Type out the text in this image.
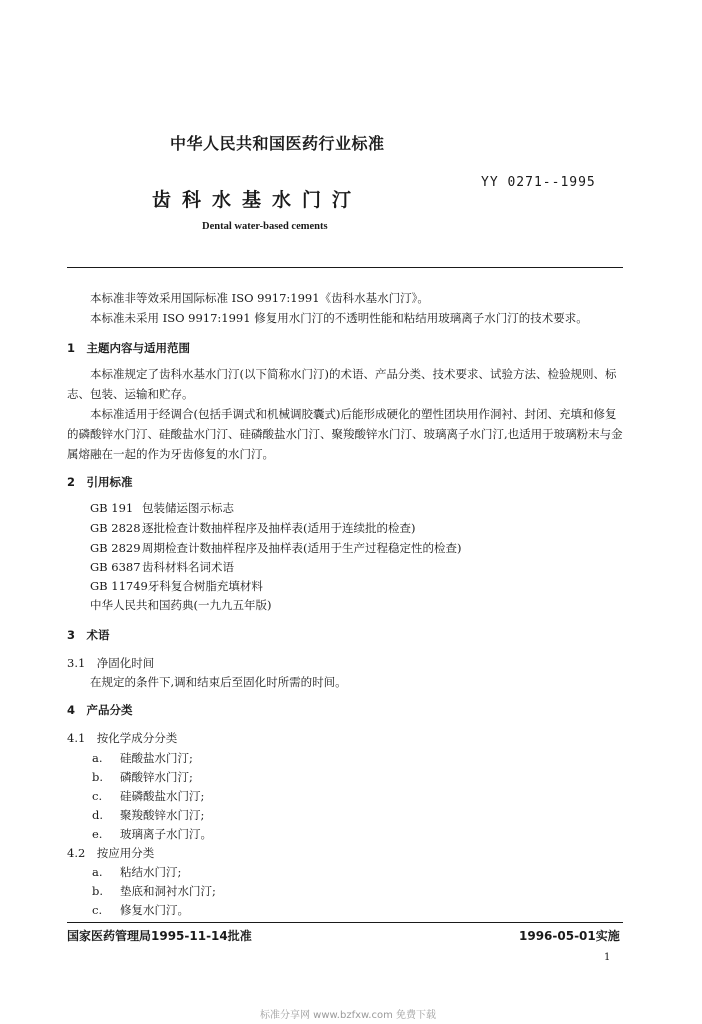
中华人民共和国医药行业标准
YY 0271--1995
齿科水基水门汀
Dental water-based cements
本标准非等效采用国际标准 ISO 9917:1991《齿科水基水门汀》。
本标准未采用 ISO 9917:1991 修复用水门汀的不透明性能和粘结用玻璃离子水门汀的技术要求。
1　主题内容与适用范围
本标准规定了齿科水基水门汀(以下简称水门汀)的术语、产品分类、技术要求、试验方法、检验规则、标志、包装、运输和贮存。
本标准适用于经调合(包括手调式和机械调胶囊式)后能形成硬化的塑性团块用作洞衬、封闭、充填和修复的磷酸锌水门汀、硅酸盐水门汀、硅磷酸盐水门汀、聚羧酸锌水门汀、玻璃离子水门汀,也适用于玻璃粉末与金属熔融在一起的作为牙齿修复的水门汀。
2　引用标准
GB 191 包装储运图示标志
GB 2828逐批检查计数抽样程序及抽样表(适用于连续批的检查)
GB 2829周期检查计数抽样程序及抽样表(适用于生产过程稳定性的检查)
GB 6387齿科材料名词术语
GB 11749牙科复合树脂充填材料
中华人民共和国药典(一九九五年版)
3　术语
3.1　净固化时间
在规定的条件下,调和结束后至固化时所需的时间。
4　产品分类
4.1　按化学成分分类
a. 硅酸盐水门汀;
b. 磷酸锌水门汀;
c. 硅磷酸盐水门汀;
d. 聚羧酸锌水门汀;
e. 玻璃离子水门汀。
4.2　按应用分类
a. 粘结水门汀;
b. 垫底和洞衬水门汀;
c. 修复水门汀。
国家医药管理局1995-11-14批准	1996-05-01实施
1
标准分享网 www.bzfxw.com 免费下载
